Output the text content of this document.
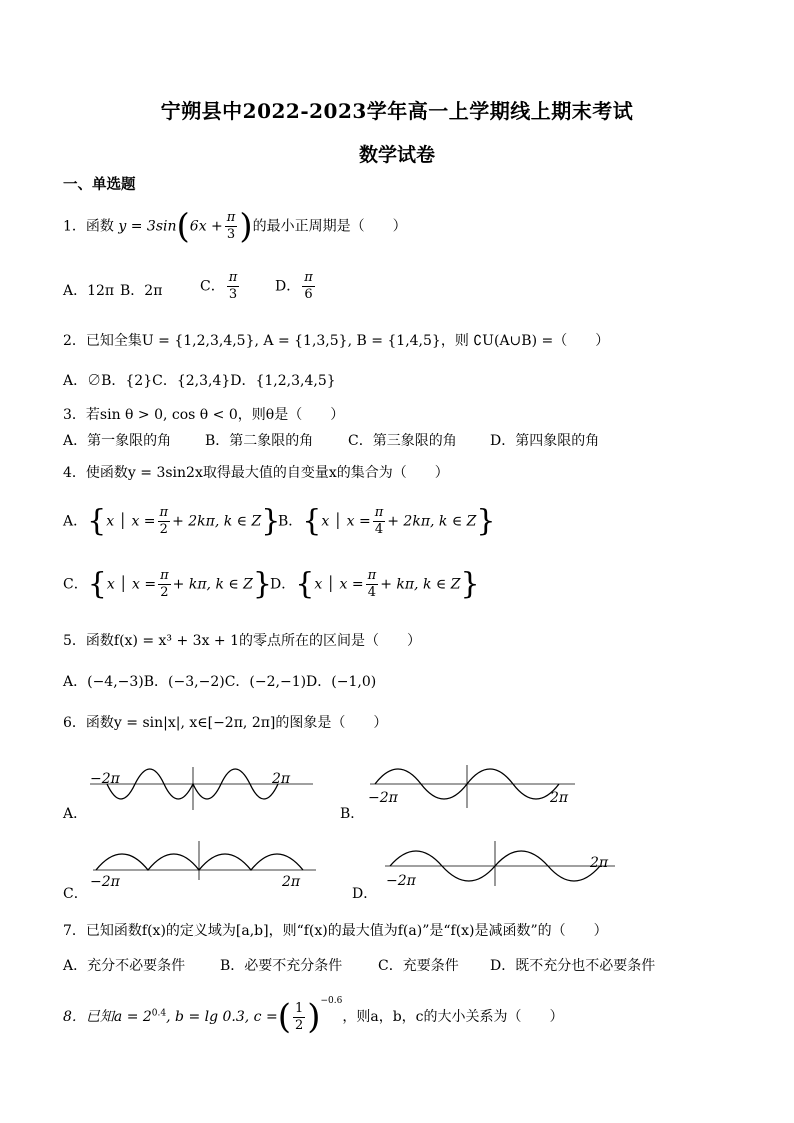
宁朔县中2022-2023学年高一上学期线上期末考试
数学试卷
一、单选题
1．函数 $y = 3\sin(6x + \frac{\pi}{3}$ )的最小正周期是（　　）
A．12π B．2π	C． $\frac{\pi}{3}$	D． $\frac{\pi}{6}$
2．已知全集U = {1,2,3,4,5}, A = {1,3,5}, B = {1,4,5}，则 ∁U(A∪B) =（　　）
A．∅B．{2}C．{2,3,4}D．{1,2,3,4,5}
3．若sin θ > 0, cos θ < 0，则θ是（　　）
A．第一象限的角 B．第二象限的角 C．第三象限的角 D．第四象限的角
4．使函数y = 3sin2x取得最大值的自变量x的集合为（　　）
A．{x │ $x = \frac{\pi}{2} + 2k\pi$, k ∈ Z}
B．{x │ $x = \frac{\pi}{4} + 2k\pi$, k ∈ Z}
C．{x │ $x = \frac{\pi}{2} + k\pi$, k ∈ Z}
D．{x │ $x = \frac{\pi}{4} + k\pi$, k ∈ Z}
5．函数f(x) = x³ + 3x + 1的零点所在的区间是（　　）
A．(−4,−3)B．(−3,−2)C．(−2,−1)D．(−1,0)
6．函数y = sin|x|, x∈[−2π, 2π]的图象是（　　）
A．
−2π	2π
B．
−2π	2π
C．
−2π	2π
D．
−2π
2π
7．已知函数f(x)的定义域为[a,b]，则“f(x)的最大值为f(a)”是“f(x)是减函数”的（　　）
A．充分不必要条件 B．必要不充分条件	C．充要条件 D．既不充分也不必要条件
8．已知$a = 2^{0.4}$, b = lg 0.3, c =( $\frac{1}{2} )^{-0.6}$，则a，b，c的大小关系为（　　）
